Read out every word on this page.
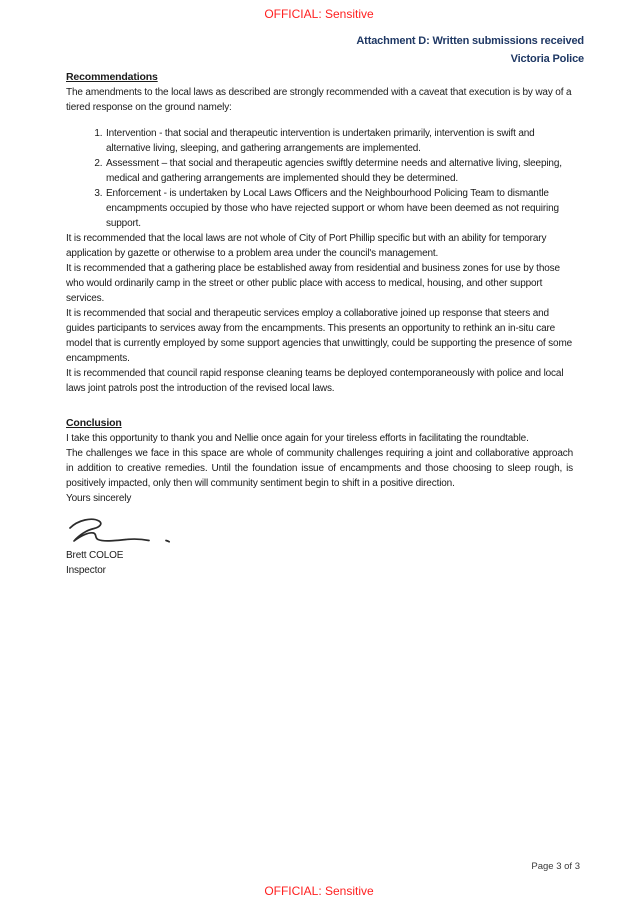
OFFICIAL: Sensitive
Attachment D: Written submissions received
Victoria Police
Recommendations

The amendments to the local laws as described are strongly recommended with a caveat that execution is by way of a tiered response on the ground namely:

1. Intervention - that social and therapeutic intervention is undertaken primarily, intervention is swift and alternative living, sleeping, and gathering arrangements are implemented.
2. Assessment – that social and therapeutic agencies swiftly determine needs and alternative living, sleeping, medical and gathering arrangements are implemented should they be determined.
3. Enforcement - is undertaken by Local Laws Officers and the Neighbourhood Policing Team to dismantle encampments occupied by those who have rejected support or whom have been deemed as not requiring support.

It is recommended that the local laws are not whole of City of Port Phillip specific but with an ability for temporary application by gazette or otherwise to a problem area under the council's management.

It is recommended that a gathering place be established away from residential and business zones for use by those who would ordinarily camp in the street or other public place with access to medical, housing, and other support services.

It is recommended that social and therapeutic services employ a collaborative joined up response that steers and guides participants to services away from the encampments. This presents an opportunity to rethink an in-situ care model that is currently employed by some support agencies that unwittingly, could be supporting the presence of some encampments.

It is recommended that council rapid response cleaning teams be deployed contemporaneously with police and local laws joint patrols post the introduction of the revised local laws.

Conclusion

I take this opportunity to thank you and Nellie once again for your tireless efforts in facilitating the roundtable.

The challenges we face in this space are whole of community challenges requiring a joint and collaborative approach in addition to creative remedies. Until the foundation issue of encampments and those choosing to sleep rough, is positively impacted, only then will community sentiment begin to shift in a positive direction.

Yours sincerely

Brett COLOE

Inspector

Page 3 of 3
OFFICIAL: Sensitive
